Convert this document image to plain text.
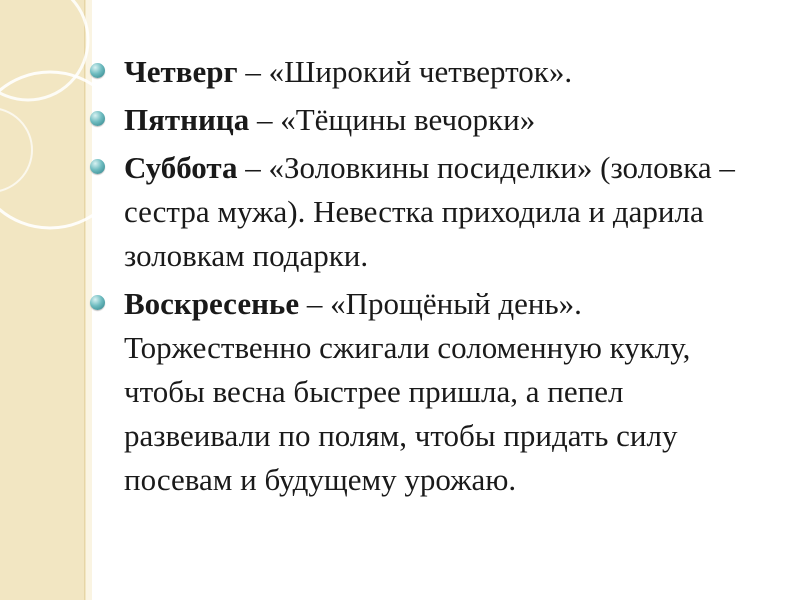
Четверг – «Широкий четверток».
Пятница – «Тёщины вечорки»
Суббота – «Золовкины посиделки» (золовка – сестра мужа). Невестка приходила и дарила золовкам подарки.
Воскресенье – «Прощёный день». Торжественно сжигали соломенную куклу, чтобы весна быстрее пришла, а пепел развеивали по полям, чтобы придать силу посевам и будущему урожаю.
